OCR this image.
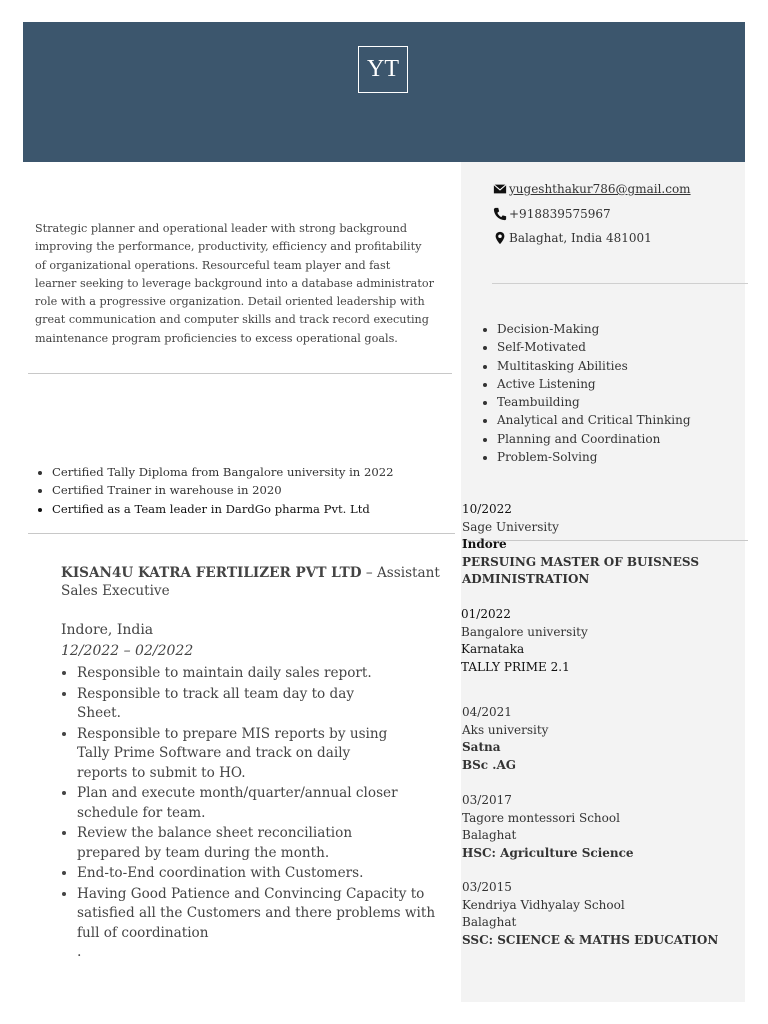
YT
yugeshthakur786@gmail.com
+918839575967
Balaghat, India 481001
• Decision-Making
• Self-Motivated
• Multitasking Abilities
• Active Listening
• Teambuilding
• Analytical and Critical Thinking
• Planning and Coordination
• Problem-Solving

Strategic planner and operational leader with strong background improving the performance, productivity, efficiency and profitability of organizational operations. Resourceful team player and fast learner seeking to leverage background into a database administrator role with a progressive organization. Detail oriented leadership with great communication and computer skills and track record executing maintenance program proficiencies to excess operational goals.

• Certified Tally Diploma from Bangalore university in 2022
• Certified Trainer in warehouse in 2020
• Certified as a Team leader in DardGo pharma Pvt. Ltd

KISAN4U KATRA FERTILIZER PVT LTD – Assistant Sales Executive

Indore, India
12/2022 – 02/2022
• Responsible to maintain daily sales report.
• Responsible to track all team day to day Sheet.
• Responsible to prepare MIS reports by using Tally Prime Software and track on daily reports to submit to HO.
• Plan and execute month/quarter/annual closer schedule for team.
• Review the balance sheet reconciliation prepared by team during the month.
• End-to-End coordination with Customers.
• Having Good Patience and Convincing Capacity to satisfied all the Customers and there problems with full of coordination
.
10/2022
Sage University
Indore
PERSUING MASTER OF BUISNESS ADMINISTRATION
01/2022
Bangalore university
Karnataka
TALLY PRIME 2.1
04/2021
Aks university
Satna
BSc .AG
03/2017
Tagore montessori School
Balaghat
HSC: Agriculture Science
03/2015
Kendriya Vidhyalay School
Balaghat
SSC: SCIENCE & MATHS EDUCATION
